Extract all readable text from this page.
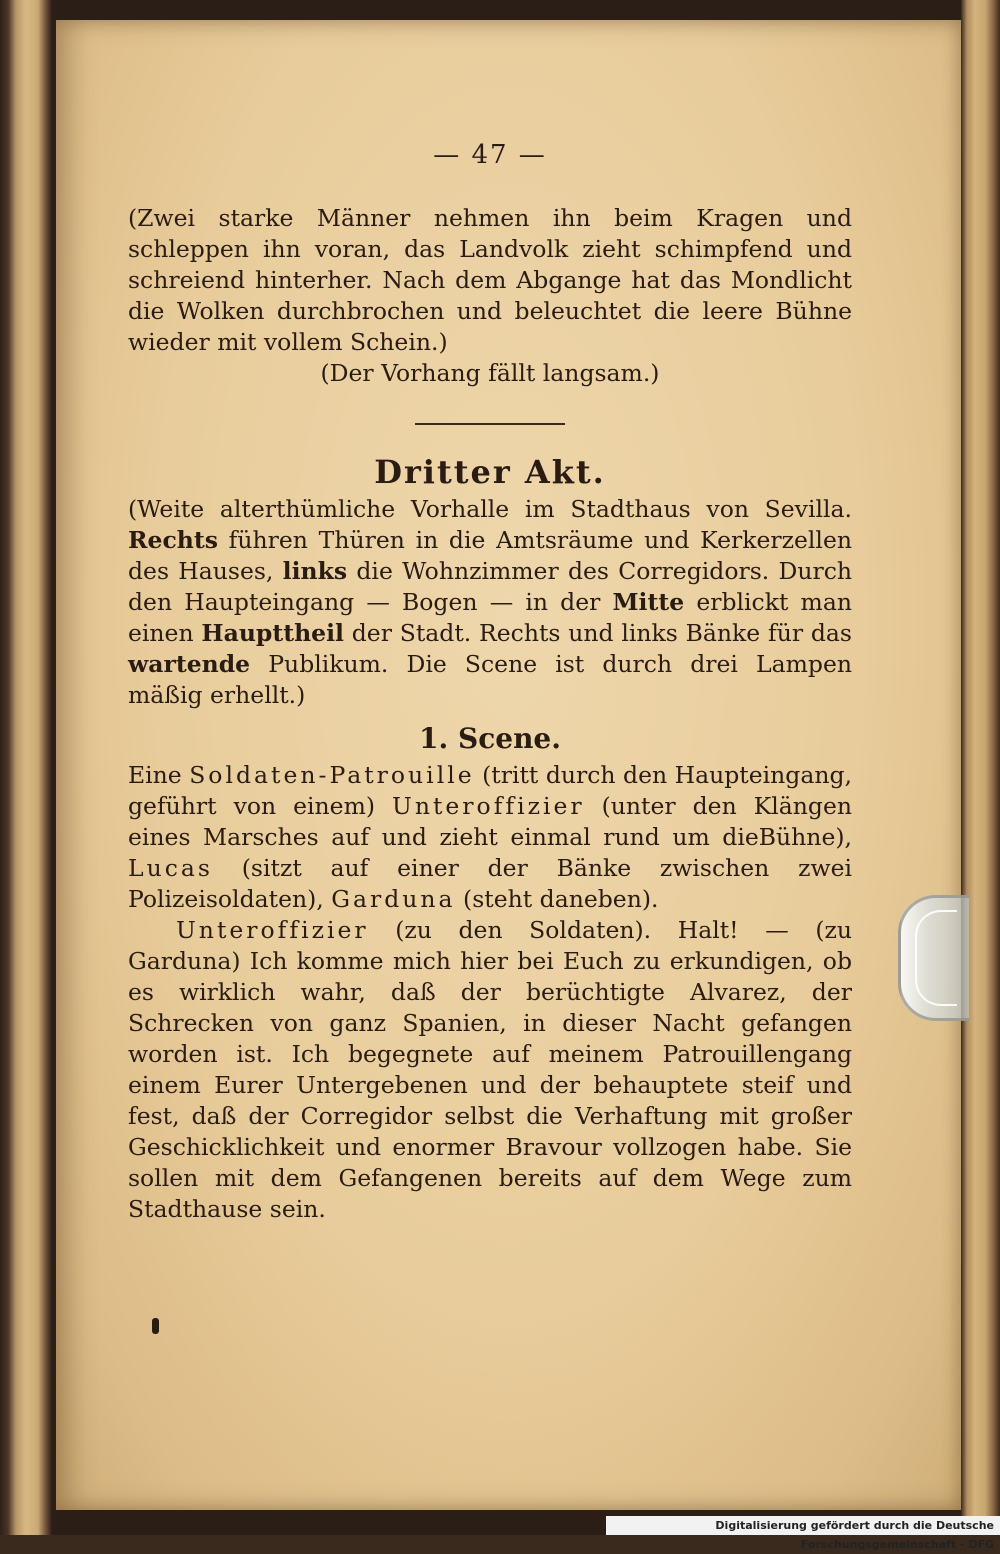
— 47 —

(Zwei starke Männer nehmen ihn beim Kragen und schleppen ihn voran, das Landvolk zieht schimpfend und schreiend hinterher. Nach dem Abgange hat das Mondlicht die Wolken durchbrochen und beleuchtet die leere Bühne wieder mit vollem Schein.)

(Der Vorhang fällt langsam.)

Dritter Akt.

(Weite alterthümliche Vorhalle im Stadthaus von Sevilla. Rechts führen Thüren in die Amtsräume und Kerkerzellen des Hauses, links die Wohnzimmer des Corregidors. Durch den Haupteingang — Bogen — in der Mitte erblickt man einen Haupttheil der Stadt. Rechts und links Bänke für das wartende Publikum. Die Scene ist durch drei Lampen mäßig erhellt.)

1. Scene.

Eine Soldaten-Patrouille (tritt durch den Haupteingang, geführt von einem) Unteroffizier (unter den Klängen eines Marsches auf und zieht einmal rund um dieBühne), Lucas (sitzt auf einer der Bänke zwischen zwei Polizeisoldaten), Garduna (steht daneben).

Unteroffizier (zu den Soldaten). Halt! — (zu Garduna) Ich komme mich hier bei Euch zu erkundigen, ob es wirklich wahr, daß der berüchtigte Alvarez, der Schrecken von ganz Spanien, in dieser Nacht gefangen worden ist. Ich begegnete auf meinem Patrouillengang einem Eurer Untergebenen und der behauptete steif und fest, daß der Corregidor selbst die Verhaftung mit großer Geschicklichkeit und enormer Bravour vollzogen habe. Sie sollen mit dem Gefangenen bereits auf dem Wege zum Stadthause sein.

Digitalisierung gefördert durch die Deutsche Forschungsgemeinschaft - DFG
